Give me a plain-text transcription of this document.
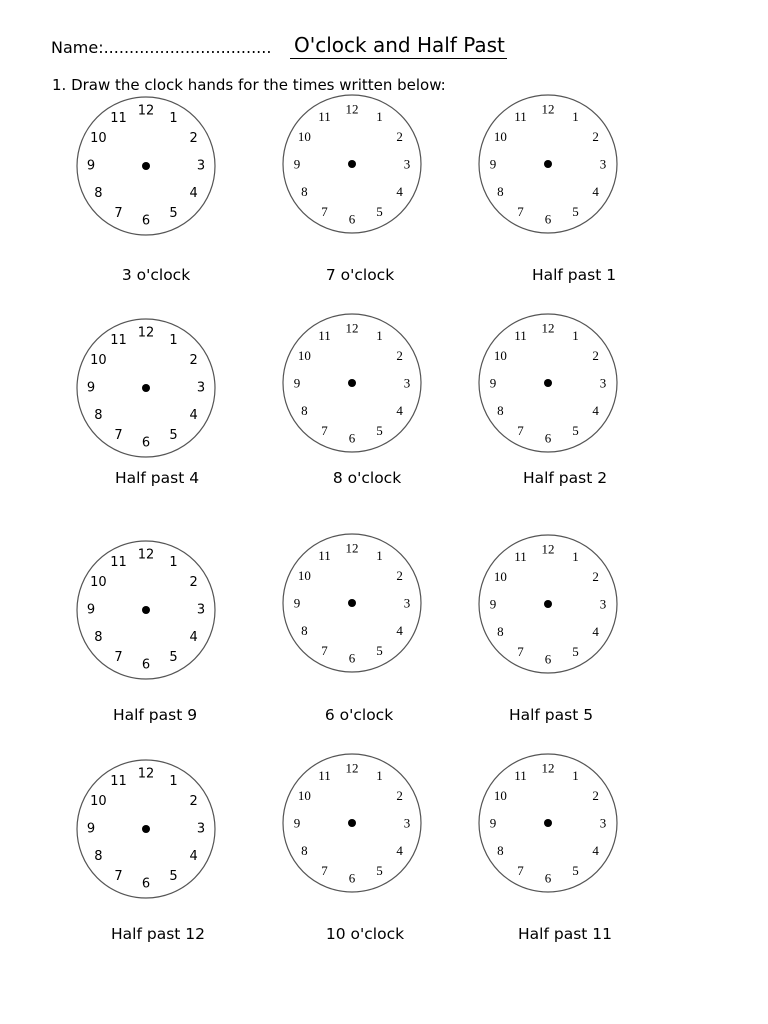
Name:................................. O'clock and Half Past
1. Draw the clock hands for the times written below:
12 1
2
3
4
5
6
7
8
9
10
11
12 1
2
3
4
5
6
7
8
9
10
11	12 1
2
3
4
5
6
7
8
9
10
11
12 1
2
3
4
5
6
7
8
9
10
11
12 1
2
3
4
5
6
7
8
9
10
11	12 1
2
3
4
5
6
7
8
9
10
11
12 1
2
3
4
5
6
7
8
9
10
11
12 1
2
3
4
5
6
7
8
9
10
11	12 1
2
3
4
5
6
7
8
9
10
11
12 1
2
3
4
5
6
7
8
9
10
11
12 1
2
3
4
5
6
7
8
9
10
11	12 1
2
3
4
5
6
7
8
9
10
11
3 o'clock	7 o'clock	Half past 1
Half past 4	8 o'clock	Half past 2
Half past 9	6 o'clock	Half past 5
Half past 12	10 o'clock	Half past 11
